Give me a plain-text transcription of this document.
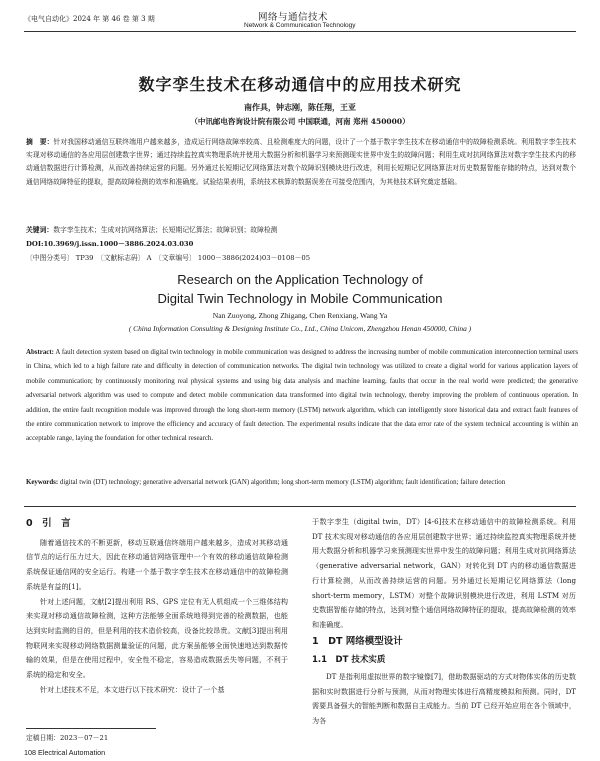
《电气自动化》2024 年 第 46 卷 第 3 期	网络与通信技术
Network & Communication Technology
数字孪生技术在移动通信中的应用技术研究
南作具，钟志刚，陈任翔，王亚
（中讯邮电咨询设计院有限公司 中国联通，河南 郑州 450000）
摘　要：针对我国移动通信互联终端用户越来越多，造成运行网络故障率较高、且检测难度大的问题，设计了一个基于数字孪生技术在移动通信中的故障检测系统。利用数字孪生技术实现对移动通信的各应用层创建数字世界；通过持续监控真实物理系统并使用大数据分析和机器学习来预测现实世界中发生的故障问题；利用生成对抗网络算法对数字孪生技术内的移动通信数据进行计算检测，从而改善持续运营的问题。另外通过长短期记忆网络算法对数个故障识别模块进行改进，利用长短期记忆网络算法对历史数据智能存储的特点，达到对数个通信网络故障特征的提取，提高故障检测的效率和准确度。试验结果表明，系统技术核算的数据误差在可接受范围内，为其他技术研究奠定基础。
关键词：数字孪生技术；生成对抗网络算法；长短期记忆算法；故障识别；故障检测
DOI:10.3969/j.issn.1000－3886.2024.03.030
〔中图分类号〕 TP39　〔文献标志码〕 A　〔文章编号〕 1000－3886(2024)03－0108－05
Research on the Application Technology of
Digital Twin Technology in Mobile Communication
Nan Zuoyong, Zhong Zhigang, Chen Renxiang, Wang Ya
( China Information Consulting & Designing Institute Co., Ltd., China Unicom, Zhengzhou Henan 450000, China )
Abstract: A fault detection system based on digital twin technology in mobile communication was designed to address the increasing number of mobile communication interconnection terminal users in China, which led to a high failure rate and difficulty in detection of communication networks. The digital twin technology was utilized to create a digital world for various application layers of mobile communication; by continuously monitoring real physical systems and using big data analysis and machine learning, faults that occur in the real world were predicted; the generative adversarial network algorithm was used to compute and detect mobile communication data transformed into digital twin technology, thereby improving the problem of continuous operation. In addition, the entire fault recognition module was improved through the long short-term memory (LSTM) network algorithm, which can intelligently store historical data and extract fault features of the entire communication network to improve the efficiency and accuracy of fault detection. The experimental results indicate that the data error rate of the system technical accounting is within an acceptable range, laying the foundation for other technical research.
Keywords: digital twin (DT) technology; generative adversarial network (GAN) algorithm; long short-term memory (LSTM) algorithm; fault identification; failure detection
0　引　言

随着通信技术的不断更新，移动互联通信终端用户越来越多，造成对其移动通信节点的运行压力过大，因此在移动通信网络管理中一个有效的移动通信故障检测系统保证通信网的安全运行。构建一个基于数字孪生技术在移动通信中的故障检测系统是有益的[1]。

针对上述问题，文献[2]提出利用 RS、GPS 定位有无人机组成一个三维体结构来实现对移动通信故障检测，这种方法能够全面系统地得到完善的检测数据，也能达到实时监测的目的，但是利用的技术造价较高，设备比较昂贵。文献[3]提出利用物联网来实现移动网络数据测量验证的问题，此方案虽能够全面快速地达到数据传输的效果，但是在使用过程中，安全性不稳定，容易造成数据丢失等问题，不利于系统的稳定和安全。

针对上述技术不足，本文进行以下技术研究：设计了一个基

于数字孪生（digital twin，DT）[4-6]技术在移动通信中的故障检测系统。利用 DT 技术实现对移动通信的各应用层创建数字世界；通过持续监控真实物理系统并使用大数据分析和机器学习来预测现实世界中发生的故障问题；利用生成对抗网络算法（generative adversarial network，GAN）对转化到 DT 内的移动通信数据进行计算检测，从而改善持续运营的问题。另外通过长短期记忆网络算法（long short-term memory，LSTM）对整个故障识别模块进行改进，利用 LSTM 对历史数据智能存储的特点，达到对整个通信网络故障特征的提取，提高故障检测的效率和准确度。

1　DT 网络模型设计
1.1　DT 技术实质

DT 是指利用虚拟世界的数字镜像[7]，借助数据驱动的方式对物体实体的历史数据和实时数据进行分析与预测，从而对物理实体进行高精度模拟和预测。同时，DT 需要具备强大的智能判断和数据自主成能力。当前 DT 已经开始应用在各个领域中，为各

定稿日期：2023－07－21
108 Electrical Automation
